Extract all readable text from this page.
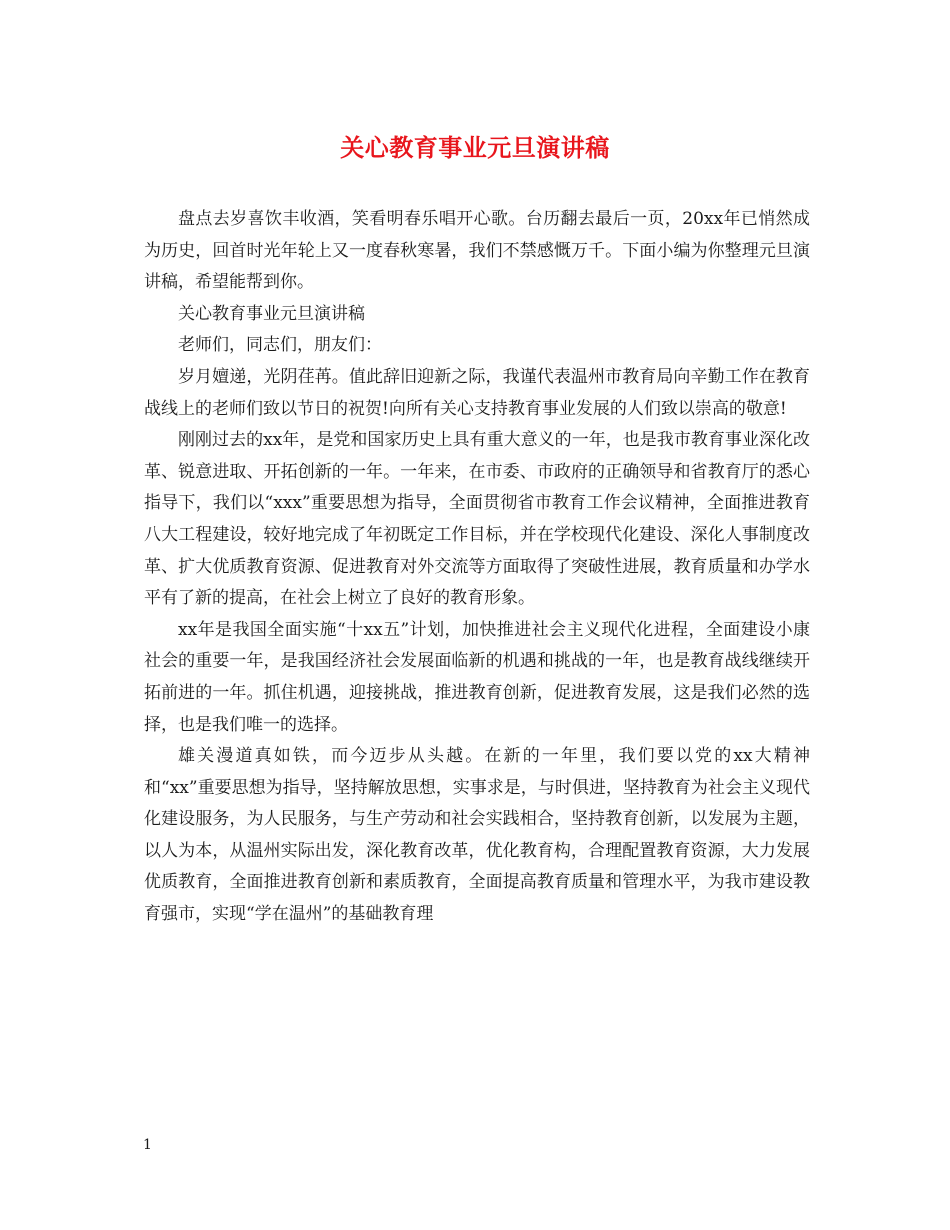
关心教育事业元旦演讲稿

盘点去岁喜饮丰收酒，笑看明春乐唱开心歌。台历翻去最后一页，20xx年已悄然成为历史，回首时光年轮上又一度春秋寒暑，我们不禁感慨万千。下面小编为你整理元旦演讲稿，希望能帮到你。

关心教育事业元旦演讲稿

老师们，同志们，朋友们：

岁月嬗递，光阴荏苒。值此辞旧迎新之际，我谨代表温州市教育局向辛勤工作在教育战线上的老师们致以节日的祝贺!向所有关心支持教育事业发展的人们致以崇高的敬意!

刚刚过去的xx年，是党和国家历史上具有重大意义的一年，也是我市教育事业深化改革、锐意进取、开拓创新的一年。一年来，在市委、市政府的正确领导和省教育厅的悉心指导下，我们以“xxx”重要思想为指导，全面贯彻省市教育工作会议精神，全面推进教育八大工程建设，较好地完成了年初既定工作目标，并在学校现代化建设、深化人事制度改革、扩大优质教育资源、促进教育对外交流等方面取得了突破性进展，教育质量和办学水平有了新的提高，在社会上树立了良好的教育形象。

xx年是我国全面实施“十xx五”计划，加快推进社会主义现代化进程，全面建设小康社会的重要一年，是我国经济社会发展面临新的机遇和挑战的一年，也是教育战线继续开拓前进的一年。抓住机遇，迎接挑战，推进教育创新，促进教育发展，这是我们必然的选择，也是我们唯一的选择。

雄关漫道真如铁，而今迈步从头越。在新的一年里，我们要以党的xx大精神和“xx”重要思想为指导，坚持解放思想，实事求是，与时俱进，坚持教育为社会主义现代化建设服务，为人民服务，与生产劳动和社会实践相合，坚持教育创新，以发展为主题，以人为本，从温州实际出发，深化教育改革，优化教育构，合理配置教育资源，大力发展优质教育，全面推进教育创新和素质教育，全面提高教育质量和管理水平，为我市建设教育强市，实现“学在温州”的基础教育理

1
